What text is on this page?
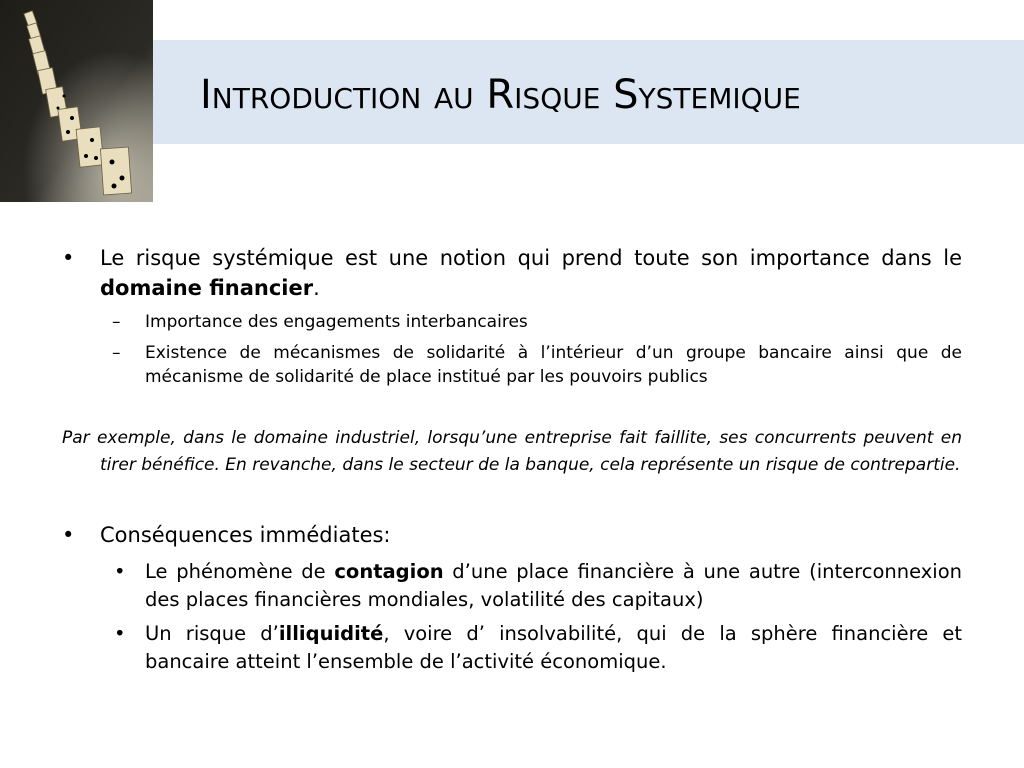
Introduction au Risque Systemique

• Le risque systémique est une notion qui prend toute son importance dans le domaine financier.

– Importance des engagements interbancaires

– Existence de mécanismes de solidarité à l’intérieur d’un groupe bancaire ainsi que de mécanisme de solidarité de place institué par les pouvoirs publics

Par exemple, dans le domaine industriel, lorsqu’une entreprise fait faillite, ses concurrents peuvent en tirer bénéfice. En revanche, dans le secteur de la banque, cela représente un risque de contrepartie.

• Conséquences immédiates:

• Le phénomène de contagion d’une place financière à une autre (interconnexion des places financières mondiales, volatilité des capitaux)

• Un risque d’illiquidité, voire d’ insolvabilité, qui de la sphère financière et bancaire atteint l’ensemble de l’activité économique.
